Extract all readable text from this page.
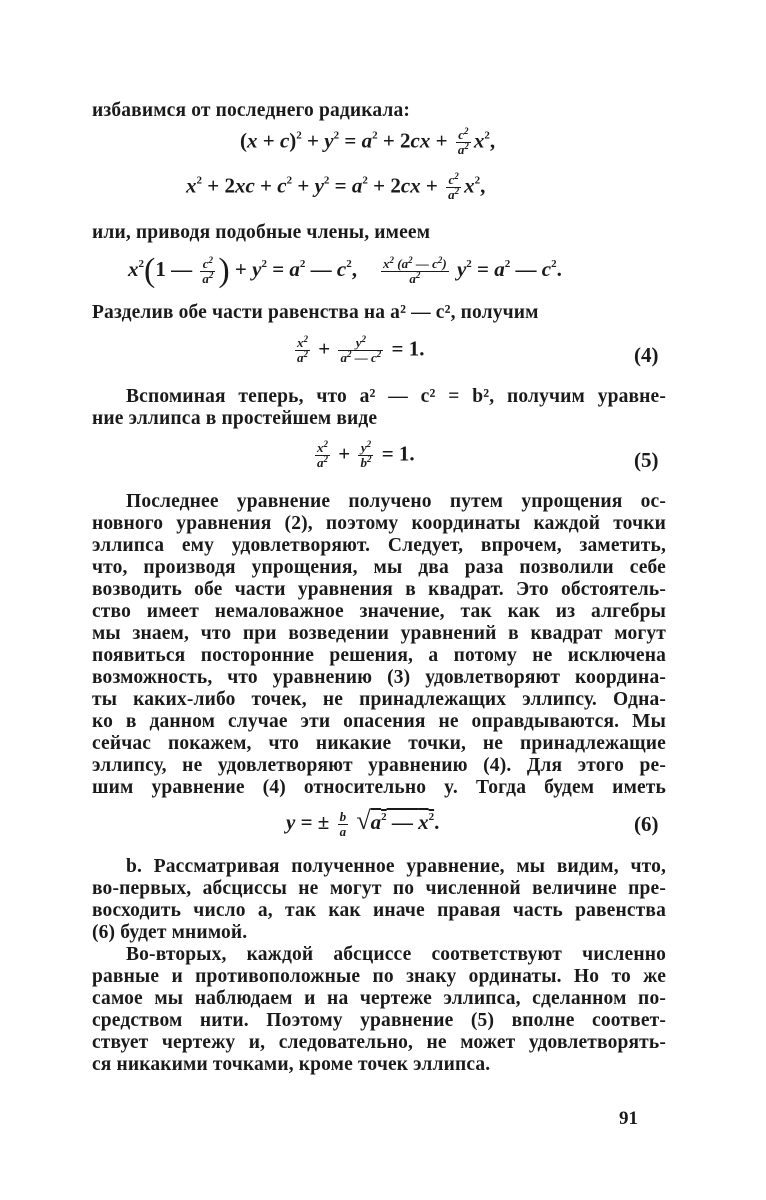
избавимся от последнего радикала:
$(x + c)^2 + y^2 = a^2 + 2cx + \frac{c^2}{a^2} x^2$,
$x^2 + 2xc + c^2 + y^2 = a^2 + 2cx + \frac{c^2}{a^2} x^2$,
или, приводя подобные члены, имеем
$x^2(1$ — $\frac{c^2}{a^2}$ ) + $y^2 = a^2$ — $c^2$, $\frac{x^2 (a^2 — c^2)}{a^2} y^2 = a^2$ — $c^2$.
Разделив обе части равенства на a² — c², получим
$\frac{x^2}{a^2} + \frac{y^2}{a^2 — c^2} = 1$.	(4)
Вспоминая теперь, что a² — c² = b², получим уравне-
ние эллипса в простейшем виде
$\frac{x^2}{a^2} + \frac{y^2}{b^2} = 1$.	(5)
Последнее уравнение получено путем упрощения ос-
новного уравнения (2), поэтому координаты каждой точки
эллипса ему удовлетворяют. Следует, впрочем, заметить,
что, производя упрощения, мы два раза позволили себе
возводить обе части уравнения в квадрат. Это обстоятель-
ство имеет немаловажное значение, так как из алгебры
мы знаем, что при возведении уравнений в квадрат могут
появиться посторонние решения, а потому не исключена
возможность, что уравнению (3) удовлетворяют координа-
ты каких-либо точек, не принадлежащих эллипсу. Одна-
ко в данном случае эти опасения не оправдываются. Мы
сейчас покажем, что никакие точки, не принадлежащие
эллипсу, не удовлетворяют уравнению (4). Для этого ре-
шим уравнение (4) относительно y. Тогда будем иметь
y = ± $\frac{b}{a} √a^2$ — $x^2$.	(6)
b. Рассматривая полученное уравнение, мы видим, что,
во-первых, абсциссы не могут по численной величине пре-
восходить число a, так как иначе правая часть равенства
(6) будет мнимой.
Во-вторых, каждой абсциссе соответствуют численно
равные и противоположные по знаку ординаты. Но то же
самое мы наблюдаем и на чертеже эллипса, сделанном по-
средством нити. Поэтому уравнение (5) вполне соответ-
ствует чертежу и, следовательно, не может удовлетворять-
ся никакими точками, кроме точек эллипса.
91
